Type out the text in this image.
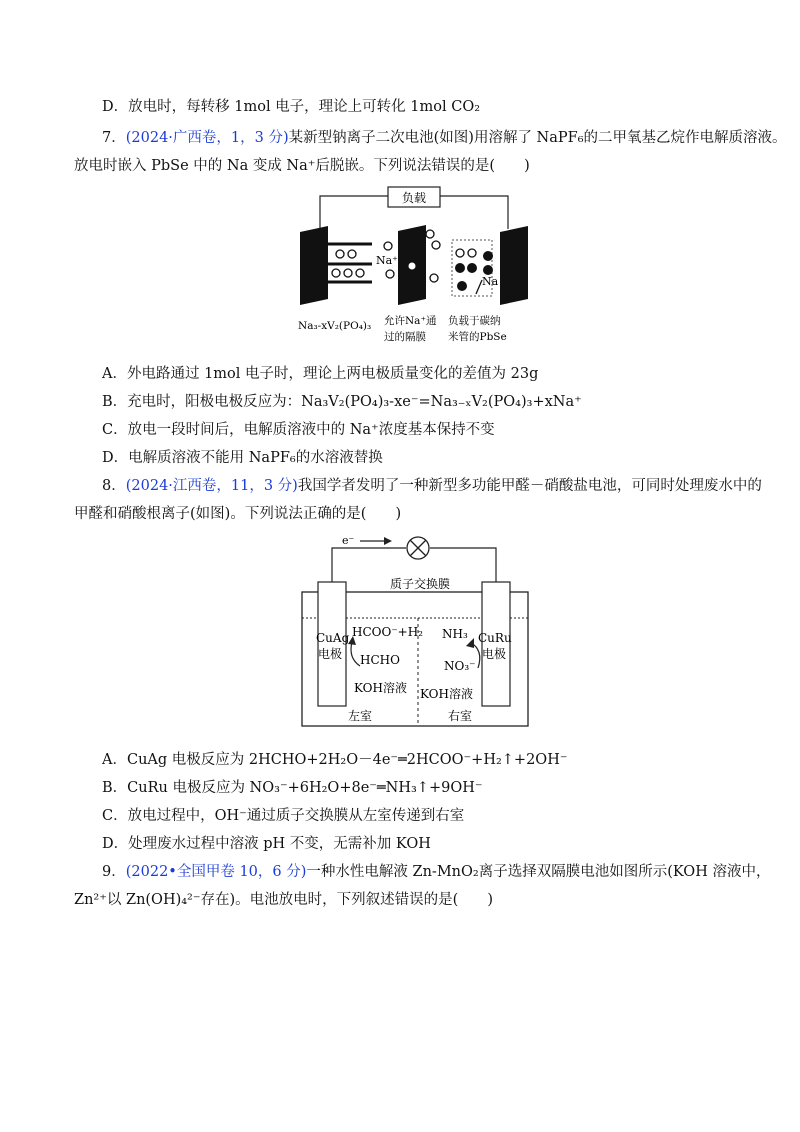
D．放电时，每转移 1mol 电子，理论上可转化 1mol CO₂
7．(2024·广西卷，1，3 分)某新型钠离子二次电池(如图)用溶解了 NaPF₆的二甲氧基乙烷作电解质溶液。
放电时嵌入 PbSe 中的 Na 变成 Na⁺后脱嵌。下列说法错误的是(　　)
负载
Na⁺
Na
Na₃-xV₂(PO₄)₃ 允许Na⁺通
过的隔膜
负载于碳纳
米管的PbSe
A．外电路通过 1mol 电子时，理论上两电极质量变化的差值为 23g
B．充电时，阳极电极反应为：Na₃V₂(PO₄)₃-xe⁻=Na₃₋ₓV₂(PO₄)₃+xNa⁺
C．放电一段时间后，电解质溶液中的 Na⁺浓度基本保持不变
D．电解质溶液不能用 NaPF₆的水溶液替换
8．(2024·江西卷，11，3 分)我国学者发明了一种新型多功能甲醛－硝酸盐电池，可同时处理废水中的
甲醛和硝酸根离子(如图)。下列说法正确的是(　　)
e⁻
质子交换膜
CuAg
电极
CuRu
电极
HCOO⁻+H₂
HCHO
KOH溶液
NH₃
NO₃⁻
KOH溶液
左室	右室
A．CuAg 电极反应为 2HCHO+2H₂O－4e⁻═2HCOO⁻+H₂↑+2OH⁻
B．CuRu 电极反应为 NO₃⁻+6H₂O+8e⁻═NH₃↑+9OH⁻
C．放电过程中，OH⁻通过质子交换膜从左室传递到右室
D．处理废水过程中溶液 pH 不变，无需补加 KOH
9．(2022•全国甲卷 10，6 分)一种水性电解液 Zn-MnO₂离子选择双隔膜电池如图所示(KOH 溶液中，
Zn²⁺以 Zn(OH)₄²⁻存在)。电池放电时，下列叙述错误的是(　　)
